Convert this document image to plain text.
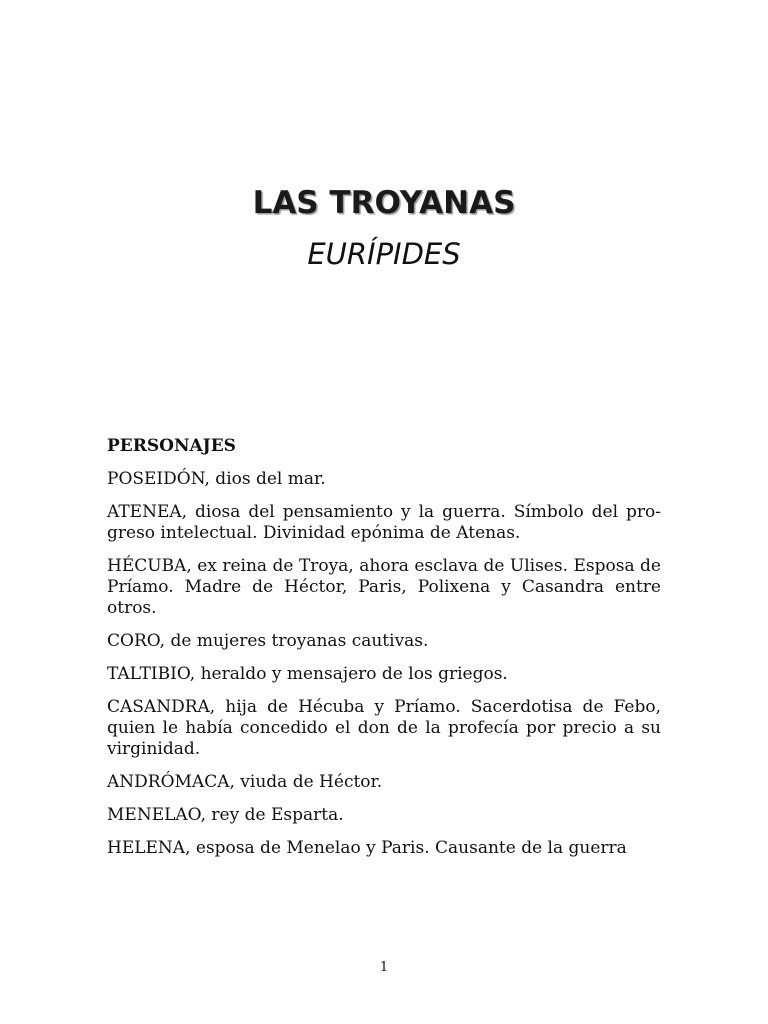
LAS TROYANAS
EURÍPIDES
PERSONAJES

POSEIDÓN, dios del mar.

ATENEA, diosa del pensamiento y la guerra. Símbolo del progreso intelectual. Divinidad epónima de Atenas.

HÉCUBA, ex reina de Troya, ahora esclava de Ulises. Esposa de Príamo. Madre de Héctor, Paris, Polixena y Casandra entre otros.

CORO, de mujeres troyanas cautivas.

TALTIBIO, heraldo y mensajero de los griegos.

CASANDRA, hija de Hécuba y Príamo. Sacerdotisa de Febo, quien le había concedido el don de la profecía por precio a su virginidad.

ANDRÓMACA, viuda de Héctor.

MENELAO, rey de Esparta.

HELENA, esposa de Menelao y Paris. Causante de la guerra

1
